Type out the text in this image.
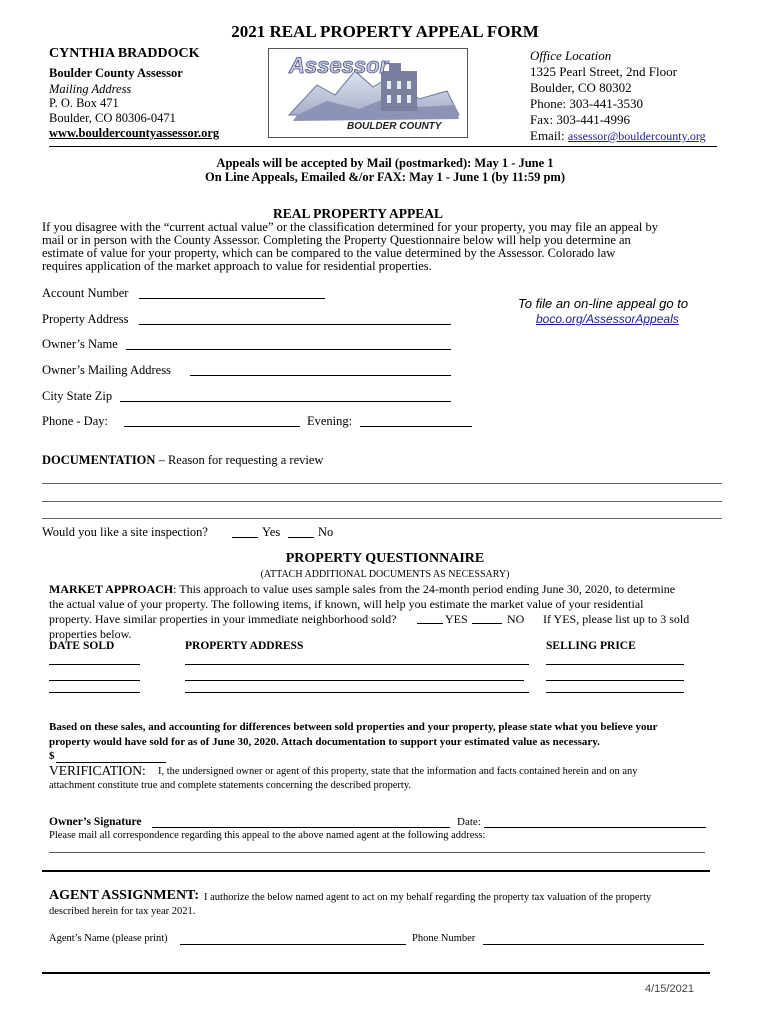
2021 REAL PROPERTY APPEAL FORM
CYNTHIA BRADDOCK
Boulder County Assessor
Mailing Address
P. O. Box 471
Boulder, CO 80306-0471
www.bouldercountyassessor.org
Assessor
BOULDER COUNTY
Office Location
1325 Pearl Street, 2nd Floor
Boulder, CO 80302
Phone: 303-441-3530
Fax: 303-441-4996
Email: assessor@bouldercounty.org
Appeals will be accepted by Mail (postmarked): May 1 - June 1
On Line Appeals, Emailed &/or FAX: May 1 - June 1 (by 11:59 pm)
REAL PROPERTY APPEAL
If you disagree with the “current actual value” or the classification determined for your property, you may file an appeal by
mail or in person with the County Assessor. Completing the Property Questionnaire below will help you determine an
estimate of value for your property, which can be compared to the value determined by the Assessor. Colorado law
requires application of the market approach to value for residential properties.
Account Number
Property Address
Owner’s Name
Owner’s Mailing Address
City State Zip
Phone - Day:	Evening:
To file an on-line appeal go to
boco.org/AssessorAppeals
DOCUMENTATION – Reason for requesting a review
Would you like a site inspection?	Yes	No
PROPERTY QUESTIONNAIRE
(ATTACH ADDITIONAL DOCUMENTS AS NECESSARY)
MARKET APPROACH: This approach to value uses sample sales from the 24-month period ending June 30, 2020, to determine
the actual value of your property. The following items, if known, will help you estimate the market value of your residential
property. Have similar properties in your immediate neighborhood sold?	YES	NO If YES, please list up to 3 sold
properties below.
DATE SOLD	PROPERTY ADDRESS	SELLING PRICE
Based on these sales, and accounting for differences between sold properties and your property, please state what you believe your
property would have sold for as of June 30, 2020. Attach documentation to support your estimated value as necessary.
$
VERIFICATION: I, the undersigned owner or agent of this property, state that the information and facts contained herein and on any
attachment constitute true and complete statements concerning the described property.
Owner’s Signature	Date:
Please mail all correspondence regarding this appeal to the above named agent at the following address:
AGENT ASSIGNMENT: I authorize the below named agent to act on my behalf regarding the property tax valuation of the property
described herein for tax year 2021.
Agent’s Name (please print)	Phone Number
4/15/2021
